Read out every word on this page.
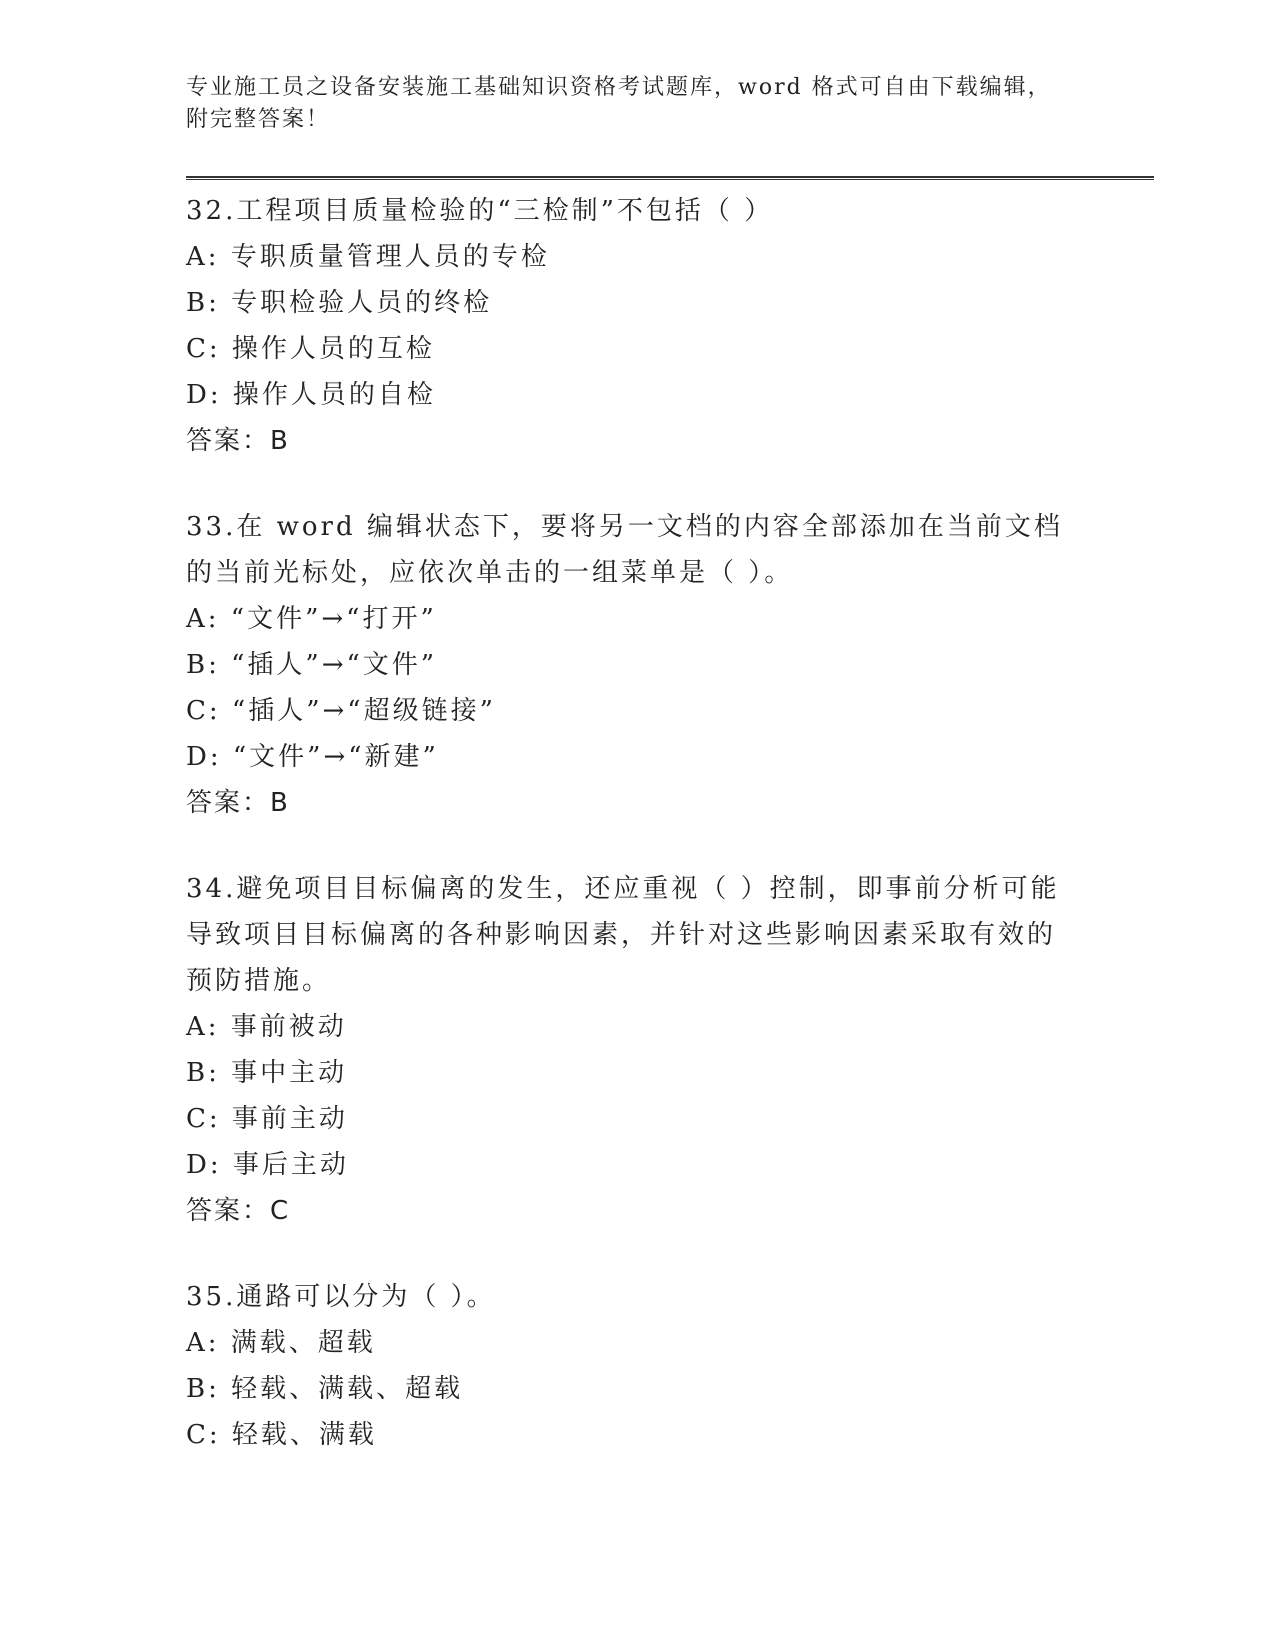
专业施工员之设备安装施工基础知识资格考试题库，word 格式可自由下载编辑，附完整答案！

32.工程项目质量检验的“三检制”不包括（ ）

A: 专职质量管理人员的专检

B: 专职检验人员的终检

C: 操作人员的互检

D: 操作人员的自检

答案：B

33.在 word 编辑状态下，要将另一文档的内容全部添加在当前文档的当前光标处，应依次单击的一组菜单是（ ）。

A: “文件”→“打开”

B: “插人”→“文件”

C: “插人”→“超级链接”

D: “文件”→“新建”

答案：B

34.避免项目目标偏离的发生，还应重视（ ）控制，即事前分析可能导致项目目标偏离的各种影响因素，并针对这些影响因素采取有效的预防措施。

A: 事前被动

B: 事中主动

C: 事前主动

D: 事后主动

答案：C

35.通路可以分为（ ）。

A: 满载、超载

B: 轻载、满载、超载

C: 轻载、满载
